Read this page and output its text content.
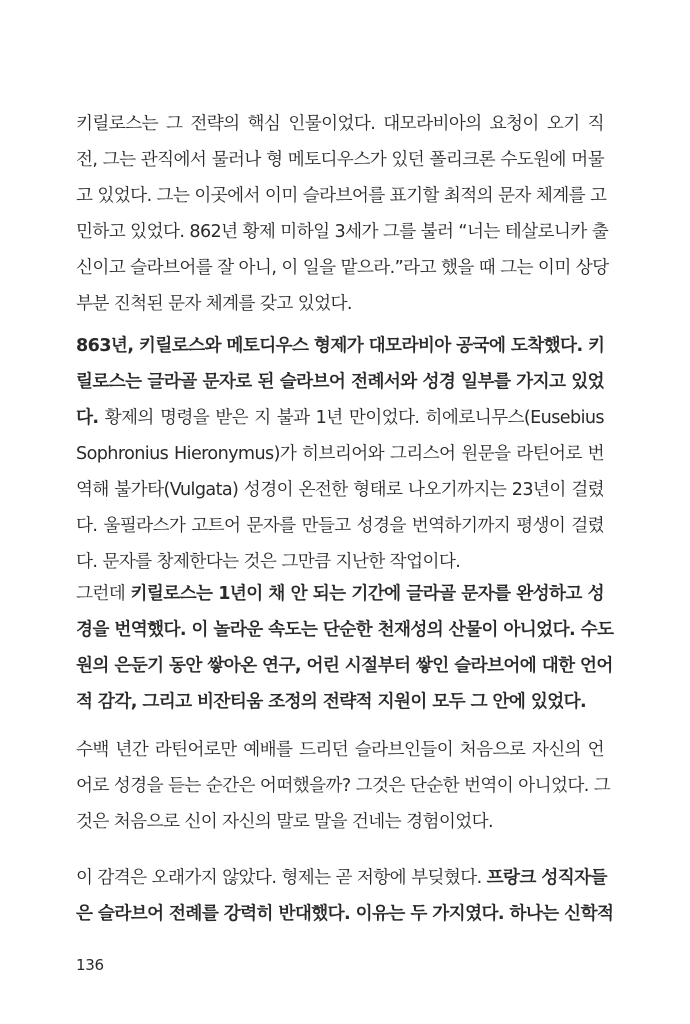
키릴로스는 그 전략의 핵심 인물이었다. 대모라비아의 요청이 오기 직
전, 그는 관직에서 물러나 형 메토디우스가 있던 폴리크론 수도원에 머물
고 있었다. 그는 이곳에서 이미 슬라브어를 표기할 최적의 문자 체계를 고
민하고 있었다. 862년 황제 미하일 3세가 그를 불러 “너는 테살로니카 출
신이고 슬라브어를 잘 아니, 이 일을 맡으라.”라고 했을 때 그는 이미 상당
부분 진척된 문자 체계를 갖고 있었다.
863년, 키릴로스와 메토디우스 형제가 대모라비아 공국에 도착했다. 키
릴로스는 글라골 문자로 된 슬라브어 전례서와 성경 일부를 가지고 있었
다. 황제의 명령을 받은 지 불과 1년 만이었다. 히에로니무스(Eusebius
Sophronius Hieronymus)가 히브리어와 그리스어 원문을 라틴어로 번
역해 불가타(Vulgata) 성경이 온전한 형태로 나오기까지는 23년이 걸렸
다. 울필라스가 고트어 문자를 만들고 성경을 번역하기까지 평생이 걸렸
다. 문자를 창제한다는 것은 그만큼 지난한 작업이다.
그런데 키릴로스는 1년이 채 안 되는 기간에 글라골 문자를 완성하고 성
경을 번역했다. 이 놀라운 속도는 단순한 천재성의 산물이 아니었다. 수도
원의 은둔기 동안 쌓아온 연구, 어린 시절부터 쌓인 슬라브어에 대한 언어
적 감각, 그리고 비잔티움 조정의 전략적 지원이 모두 그 안에 있었다.
수백 년간 라틴어로만 예배를 드리던 슬라브인들이 처음으로 자신의 언
어로 성경을 듣는 순간은 어떠했을까? 그것은 단순한 번역이 아니었다. 그
것은 처음으로 신이 자신의 말로 말을 건네는 경험이었다.
이 감격은 오래가지 않았다. 형제는 곧 저항에 부딪혔다. 프랑크 성직자들
은 슬라브어 전례를 강력히 반대했다. 이유는 두 가지였다. 하나는 신학적
136
